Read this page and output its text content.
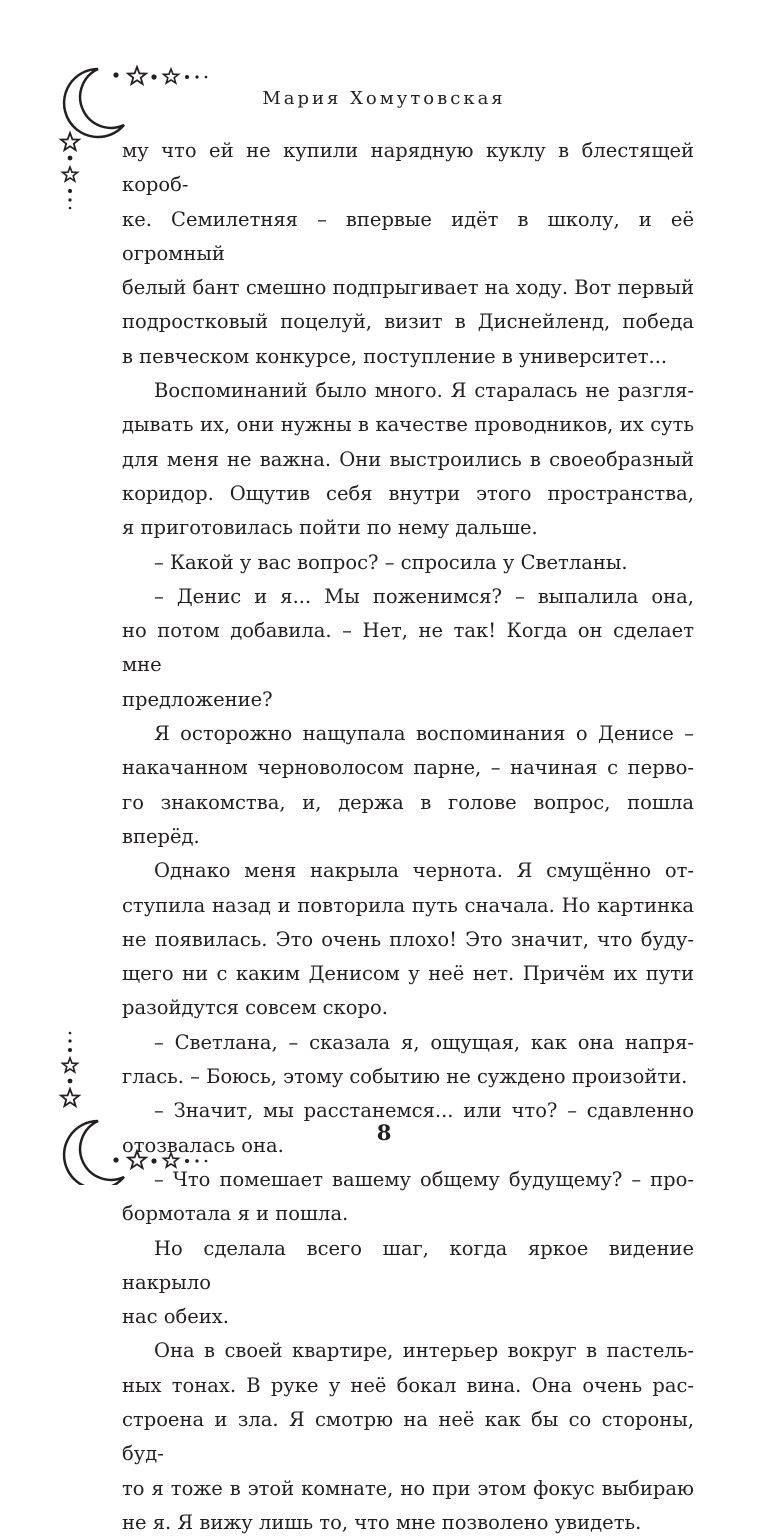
Мария Хомутовская

му что ей не купили нарядную куклу в блестящей короб-

ке. Семилетняя – впервые идёт в школу, и её огромный

белый бант смешно подпрыгивает на ходу. Вот первый

подростковый поцелуй, визит в Диснейленд, победа

в певческом конкурсе, поступление в университет...

Воспоминаний было много. Я старалась не разгля-

дывать их, они нужны в качестве проводников, их суть

для меня не важна. Они выстроились в своеобразный

коридор. Ощутив себя внутри этого пространства,

я приготовилась пойти по нему дальше.

– Какой у вас вопрос? – спросила у Светланы.

– Денис и я... Мы поженимся? – выпалила она,

но потом добавила. – Нет, не так! Когда он сделает мне

предложение?

Я осторожно нащупала воспоминания о Денисе –

накачанном черноволосом парне, – начиная с перво-

го знакомства, и, держа в голове вопрос, пошла вперёд.

Однако меня накрыла чернота. Я смущённо от-

ступила назад и повторила путь сначала. Но картинка

не появилась. Это очень плохо! Это значит, что буду-

щего ни с каким Денисом у неё нет. Причём их пути

разойдутся совсем скоро.

– Светлана, – сказала я, ощущая, как она напря-

глась. – Боюсь, этому событию не суждено произойти.

– Значит, мы расстанемся... или что? – сдавленно

отозвалась она.

– Что помешает вашему общему будущему? – про-

бормотала я и пошла.

Но сделала всего шаг, когда яркое видение накрыло

нас обеих.

Она в своей квартире, интерьер вокруг в пастель-

ных тонах. В руке у неё бокал вина. Она очень рас-

строена и зла. Я смотрю на неё как бы со стороны, буд-

то я тоже в этой комнате, но при этом фокус выбираю

не я. Я вижу лишь то, что мне позволено увидеть.

8
